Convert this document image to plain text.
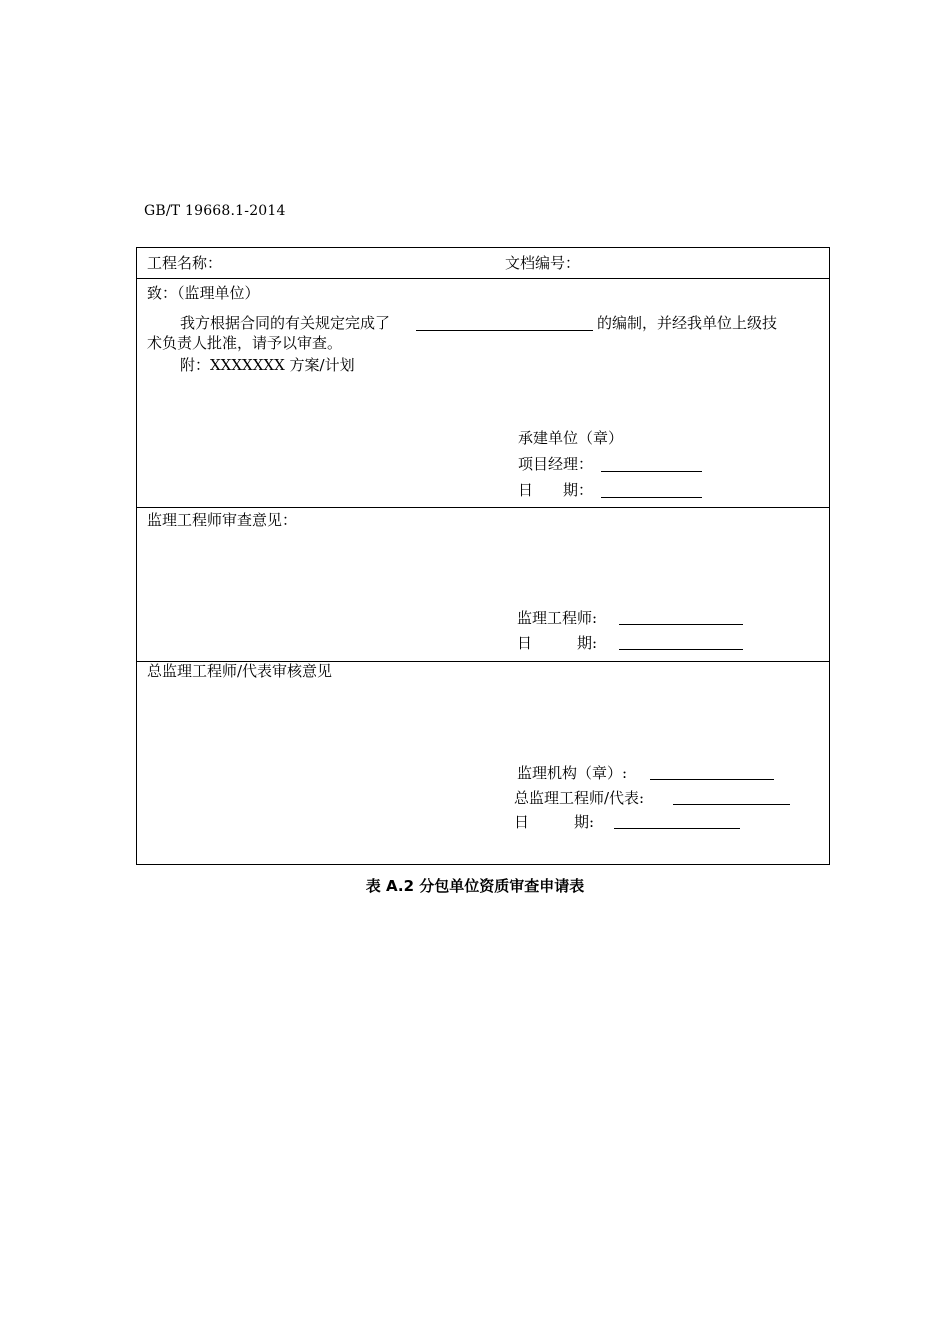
GB/T 19668.1-2014
工程名称：	文档编号：
致：（监理单位）
我方根据合同的有关规定完成了	的编制，并经我单位上级技
术负责人批准，请予以审查。
附：XXXXXXX 方案/计划
承建单位（章）
项目经理：
日　　期：
监理工程师审查意见：
监理工程师:
日　　　期:
总监理工程师/代表审核意见
监理机构（章）:
总监理工程师/代表:
日　　　期:
表 A.2 分包单位资质审查申请表
